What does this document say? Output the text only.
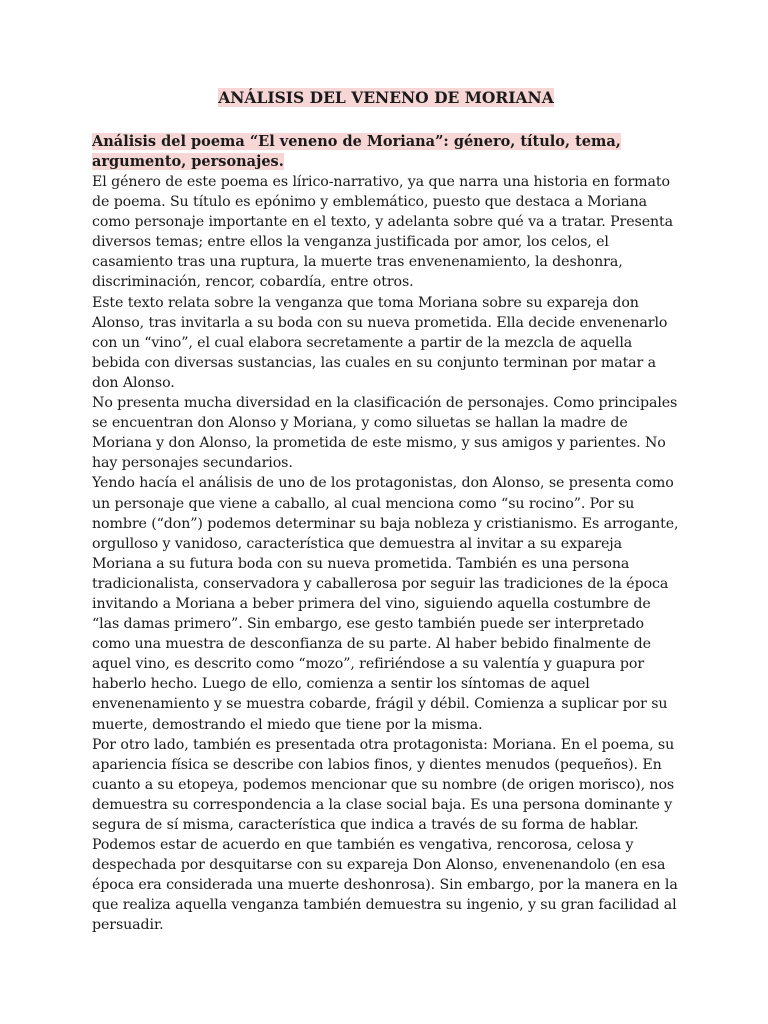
ANÁLISIS DEL VENENO DE MORIANA

Análisis del poema “El veneno de Moriana”: género, título, tema, argumento, personajes.

El género de este poema es lírico-narrativo, ya que narra una historia en formato de poema. Su título es epónimo y emblemático, puesto que destaca a Moriana como personaje importante en el texto, y adelanta sobre qué va a tratar. Presenta diversos temas; entre ellos la venganza justificada por amor, los celos, el casamiento tras una ruptura, la muerte tras envenenamiento, la deshonra, discriminación, rencor, cobardía, entre otros.

Este texto relata sobre la venganza que toma Moriana sobre su expareja don Alonso, tras invitarla a su boda con su nueva prometida. Ella decide envenenarlo con un “vino”, el cual elabora secretamente a partir de la mezcla de aquella bebida con diversas sustancias, las cuales en su conjunto terminan por matar a don Alonso.

No presenta mucha diversidad en la clasificación de personajes. Como principales se encuentran don Alonso y Moriana, y como siluetas se hallan la madre de Moriana y don Alonso, la prometida de este mismo, y sus amigos y parientes. No hay personajes secundarios.

Yendo hacía el análisis de uno de los protagonistas, don Alonso, se presenta como un personaje que viene a caballo, al cual menciona como “su rocino”. Por su nombre (“don”) podemos determinar su baja nobleza y cristianismo. Es arrogante, orgulloso y vanidoso, característica que demuestra al invitar a su expareja Moriana a su futura boda con su nueva prometida. También es una persona tradicionalista, conservadora y caballerosa por seguir las tradiciones de la época invitando a Moriana a beber primera del vino, siguiendo aquella costumbre de “las damas primero”. Sin embargo, ese gesto también puede ser interpretado como una muestra de desconfianza de su parte. Al haber bebido finalmente de aquel vino, es descrito como “mozo”, refiriéndose a su valentía y guapura por haberlo hecho. Luego de ello, comienza a sentir los síntomas de aquel envenenamiento y se muestra cobarde, frágil y débil. Comienza a suplicar por su muerte, demostrando el miedo que tiene por la misma.

Por otro lado, también es presentada otra protagonista: Moriana. En el poema, su apariencia física se describe con labios finos, y dientes menudos (pequeños). En cuanto a su etopeya, podemos mencionar que su nombre (de origen morisco), nos demuestra su correspondencia a la clase social baja. Es una persona dominante y segura de sí misma, característica que indica a través de su forma de hablar. Podemos estar de acuerdo en que también es vengativa, rencorosa, celosa y despechada por desquitarse con su expareja Don Alonso, envenenandolo (en esa época era considerada una muerte deshonrosa). Sin embargo, por la manera en la que realiza aquella venganza también demuestra su ingenio, y su gran facilidad al persuadir.
